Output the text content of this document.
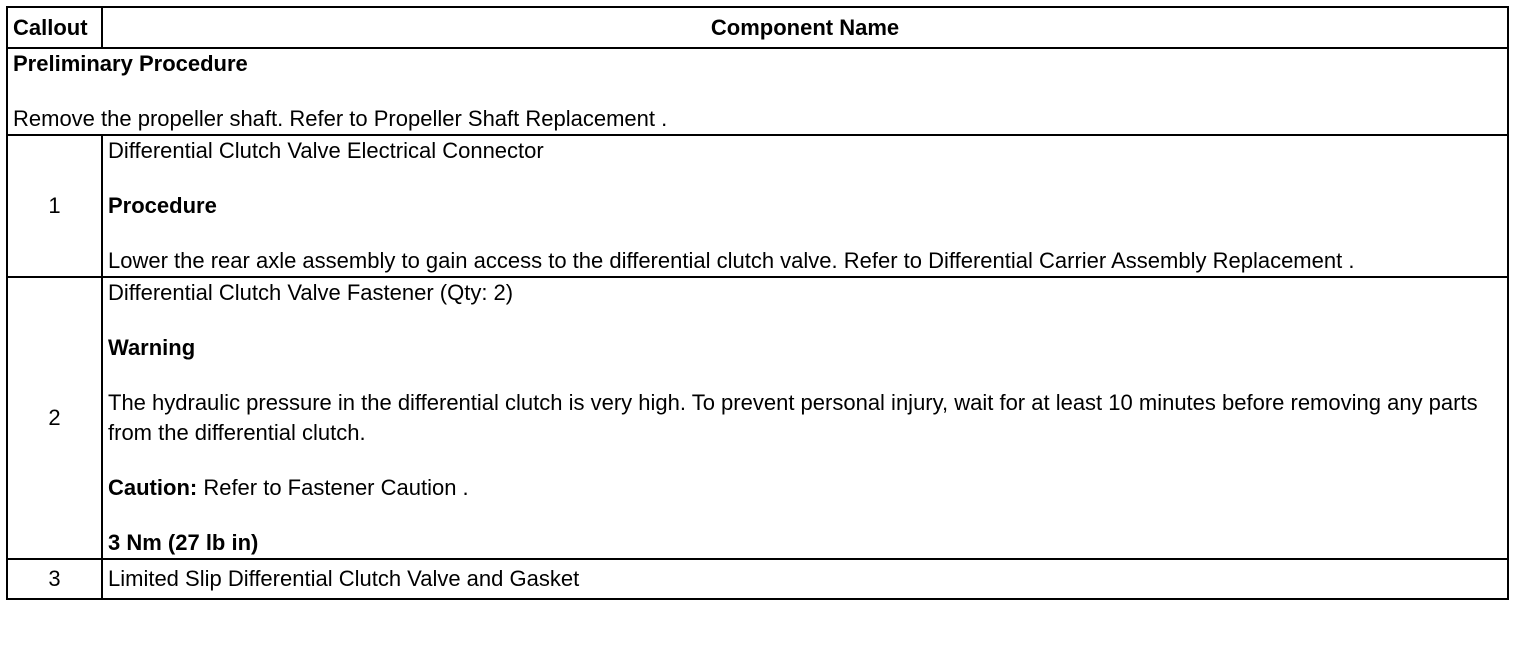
Callout	Component Name

Preliminary Procedure
Remove the propeller shaft. Refer to Propeller Shaft Replacement .	

1	Differential Clutch Valve Electrical Connector
Procedure
Lower the rear axle assembly to gain access to the differential clutch valve. Refer to Differential Carrier Assembly Replacement .

2	Differential Clutch Valve Fastener (Qty: 2)
Warning
The hydraulic pressure in the differential clutch is very high. To prevent personal injury, wait for at least 10 minutes before removing any parts from the differential clutch.
Caution: Refer to Fastener Caution .
3 Nm (27 lb in)

3	Limited Slip Differential Clutch Valve and Gasket
